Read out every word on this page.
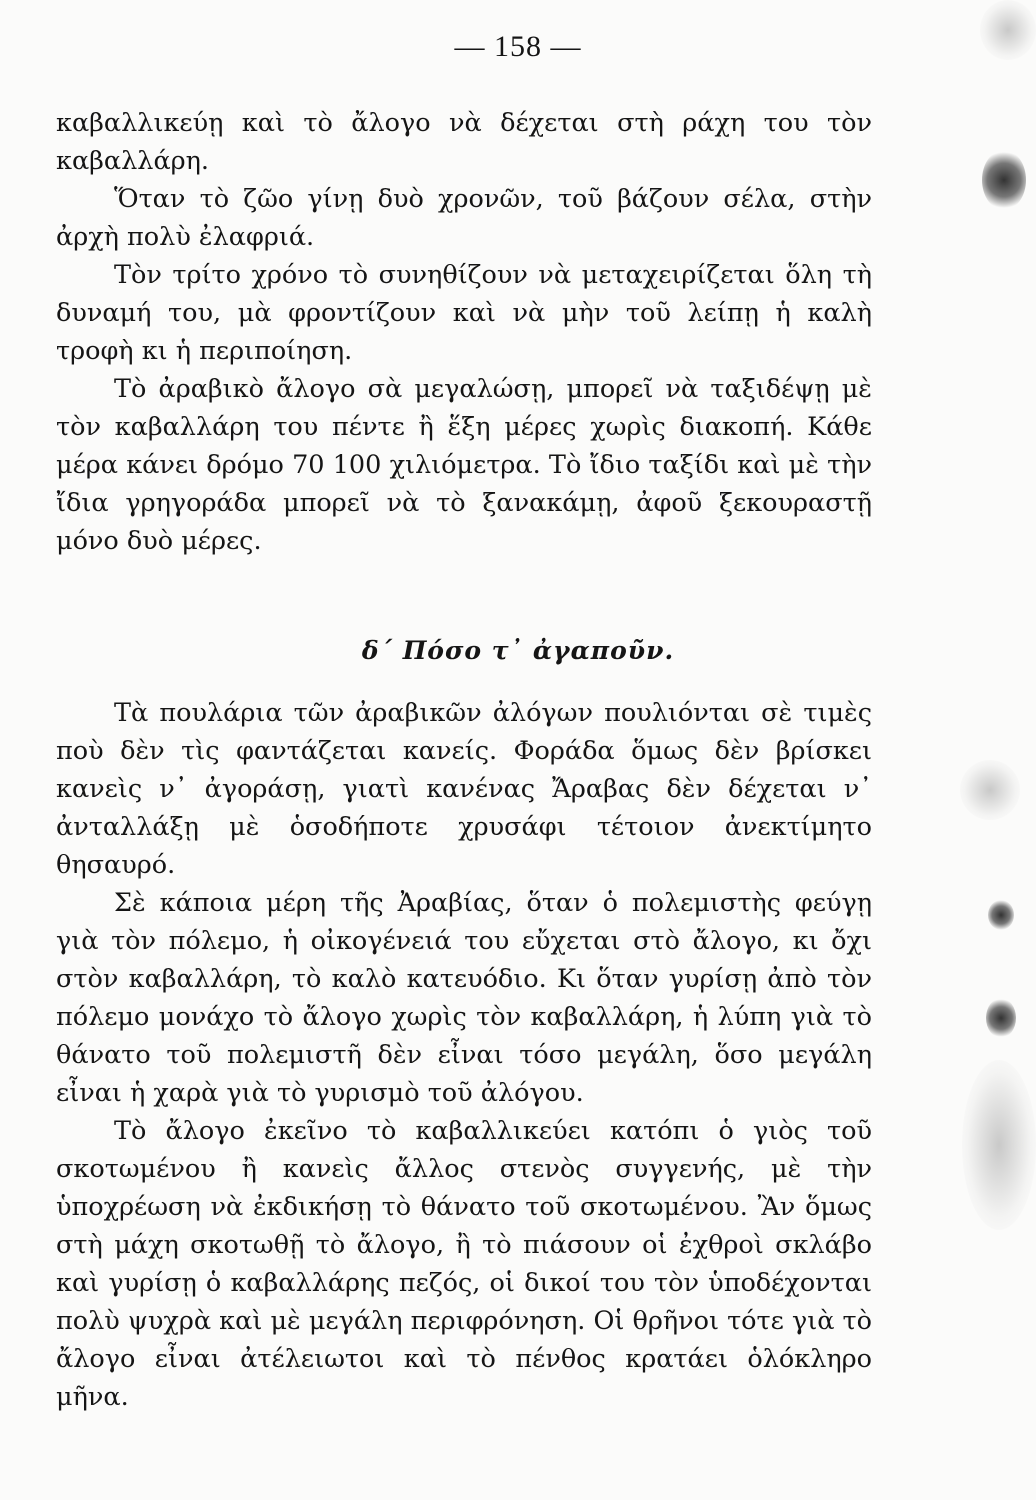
— 158 —

καβαλλικεύῃ καὶ τὸ ἄλογο νὰ δέχεται στὴ ράχη του τὸν καβαλλάρη.

Ὅταν τὸ ζῶο γίνῃ δυὸ χρονῶν, τοῦ βάζουν σέλα, στὴν ἀρχὴ πολὺ ἐλαφριά.

Τὸν τρίτο χρόνο τὸ συνηθίζουν νὰ μεταχειρίζεται ὅλη τὴ δυναμή του, μὰ φροντίζουν καὶ νὰ μὴν τοῦ λείπῃ ἡ καλὴ τροφὴ κι ἡ περιποίηση.

Τὸ ἀραβικὸ ἄλογο σὰ μεγαλώσῃ, μπορεῖ νὰ ταξιδέψῃ μὲ τὸν καβαλλάρη του πέντε ἢ ἕξη μέρες χωρὶς διακοπή. Κάθε μέρα κάνει δρόμο 70 100 χιλιόμετρα. Τὸ ἴδιο ταξίδι καὶ μὲ τὴν ἴδια γρηγοράδα μπορεῖ νὰ τὸ ξανακάμῃ, ἀφοῦ ξεκουραστῇ μόνο δυὸ μέρες.

δ΄ Πόσο τ᾽ ἀγαποῦν.

Τὰ πουλάρια τῶν ἀραβικῶν ἀλόγων πουλιόνται σὲ τιμὲς ποὺ δὲν τὶς φαντάζεται κανείς. Φοράδα ὅμως δὲν βρίσκει κανεὶς ν᾽ ἀγοράσῃ, γιατὶ κανένας Ἄραβας δὲν δέχεται ν᾽ ἀνταλλάξῃ μὲ ὁσοδήποτε χρυσάφι τέτοιον ἀνεκτίμητο θησαυρό.

Σὲ κάποια μέρη τῆς Ἀραβίας, ὅταν ὁ πολεμιστὴς φεύγῃ γιὰ τὸν πόλεμο, ἡ οἰκογένειά του εὔχεται στὸ ἄλογο, κι ὄχι στὸν καβαλλάρη, τὸ καλὸ κατευόδιο. Κι ὅταν γυρίσῃ ἀπὸ τὸν πόλεμο μονάχο τὸ ἄλογο χωρὶς τὸν καβαλλάρη, ἡ λύπη γιὰ τὸ θάνατο τοῦ πολεμιστῆ δὲν εἶναι τόσο μεγάλη, ὅσο μεγάλη εἶναι ἡ χαρὰ γιὰ τὸ γυρισμὸ τοῦ ἀλόγου.

Τὸ ἄλογο ἐκεῖνο τὸ καβαλλικεύει κατόπι ὁ γιὸς τοῦ σκοτωμένου ἢ κανεὶς ἄλλος στενὸς συγγενής, μὲ τὴν ὑποχρέωση νὰ ἐκδικήσῃ τὸ θάνατο τοῦ σκοτωμένου. Ἂν ὅμως στὴ μάχη σκοτωθῇ τὸ ἄλογο, ἢ τὸ πιάσουν οἱ ἐχθροὶ σκλάβο καὶ γυρίσῃ ὁ καβαλλάρης πεζός, οἱ δικοί του τὸν ὑποδέχονται πολὺ ψυχρὰ καὶ μὲ μεγάλη περιφρόνηση. Οἱ θρῆνοι τότε γιὰ τὸ ἄλογο εἶναι ἀτέλειωτοι καὶ τὸ πένθος κρατάει ὁλόκληρο μῆνα.
